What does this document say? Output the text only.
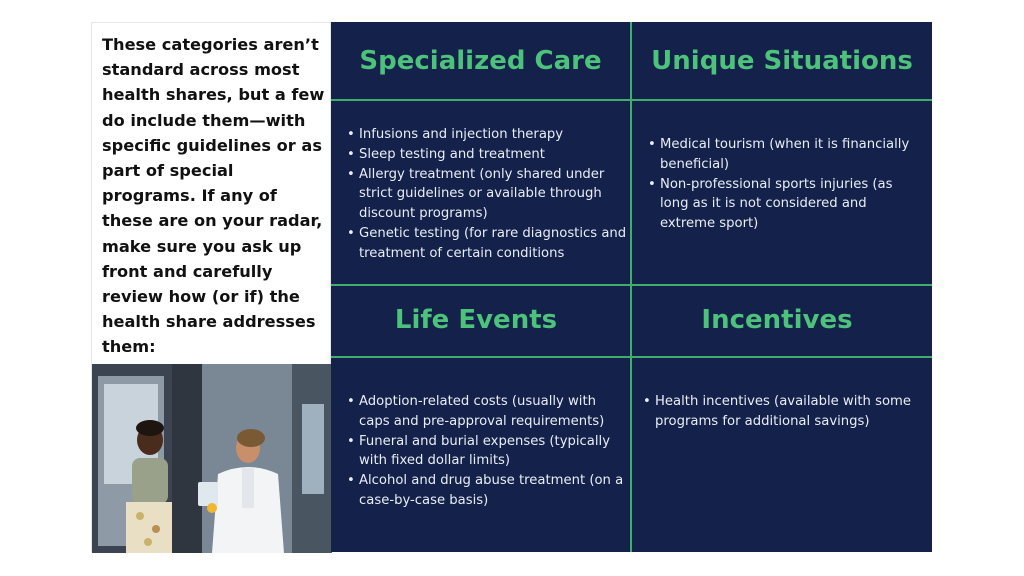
These categories aren’t standard across most health shares, but a few do include them—with specific guidelines or as part of special programs. If any of these are on your radar, make sure you ask up front and carefully review how (or if) the health share addresses them:

Specialized Care	Unique Situations
Life Events	Incentives
• Infusions and injection therapy
• Sleep testing and treatment
• Allergy treatment (only shared under strict guidelines or available through discount programs)
• Genetic testing (for rare diagnostics and treatment of certain conditions
• Medical tourism (when it is financially beneficial)
• Non-professional sports injuries (as long as it is not considered and extreme sport)
• Adoption-related costs (usually with caps and pre-approval requirements)
• Funeral and burial expenses (typically with fixed dollar limits)
• Alcohol and drug abuse treatment (on a case-by-case basis)
• Health incentives (available with some programs for additional savings)
